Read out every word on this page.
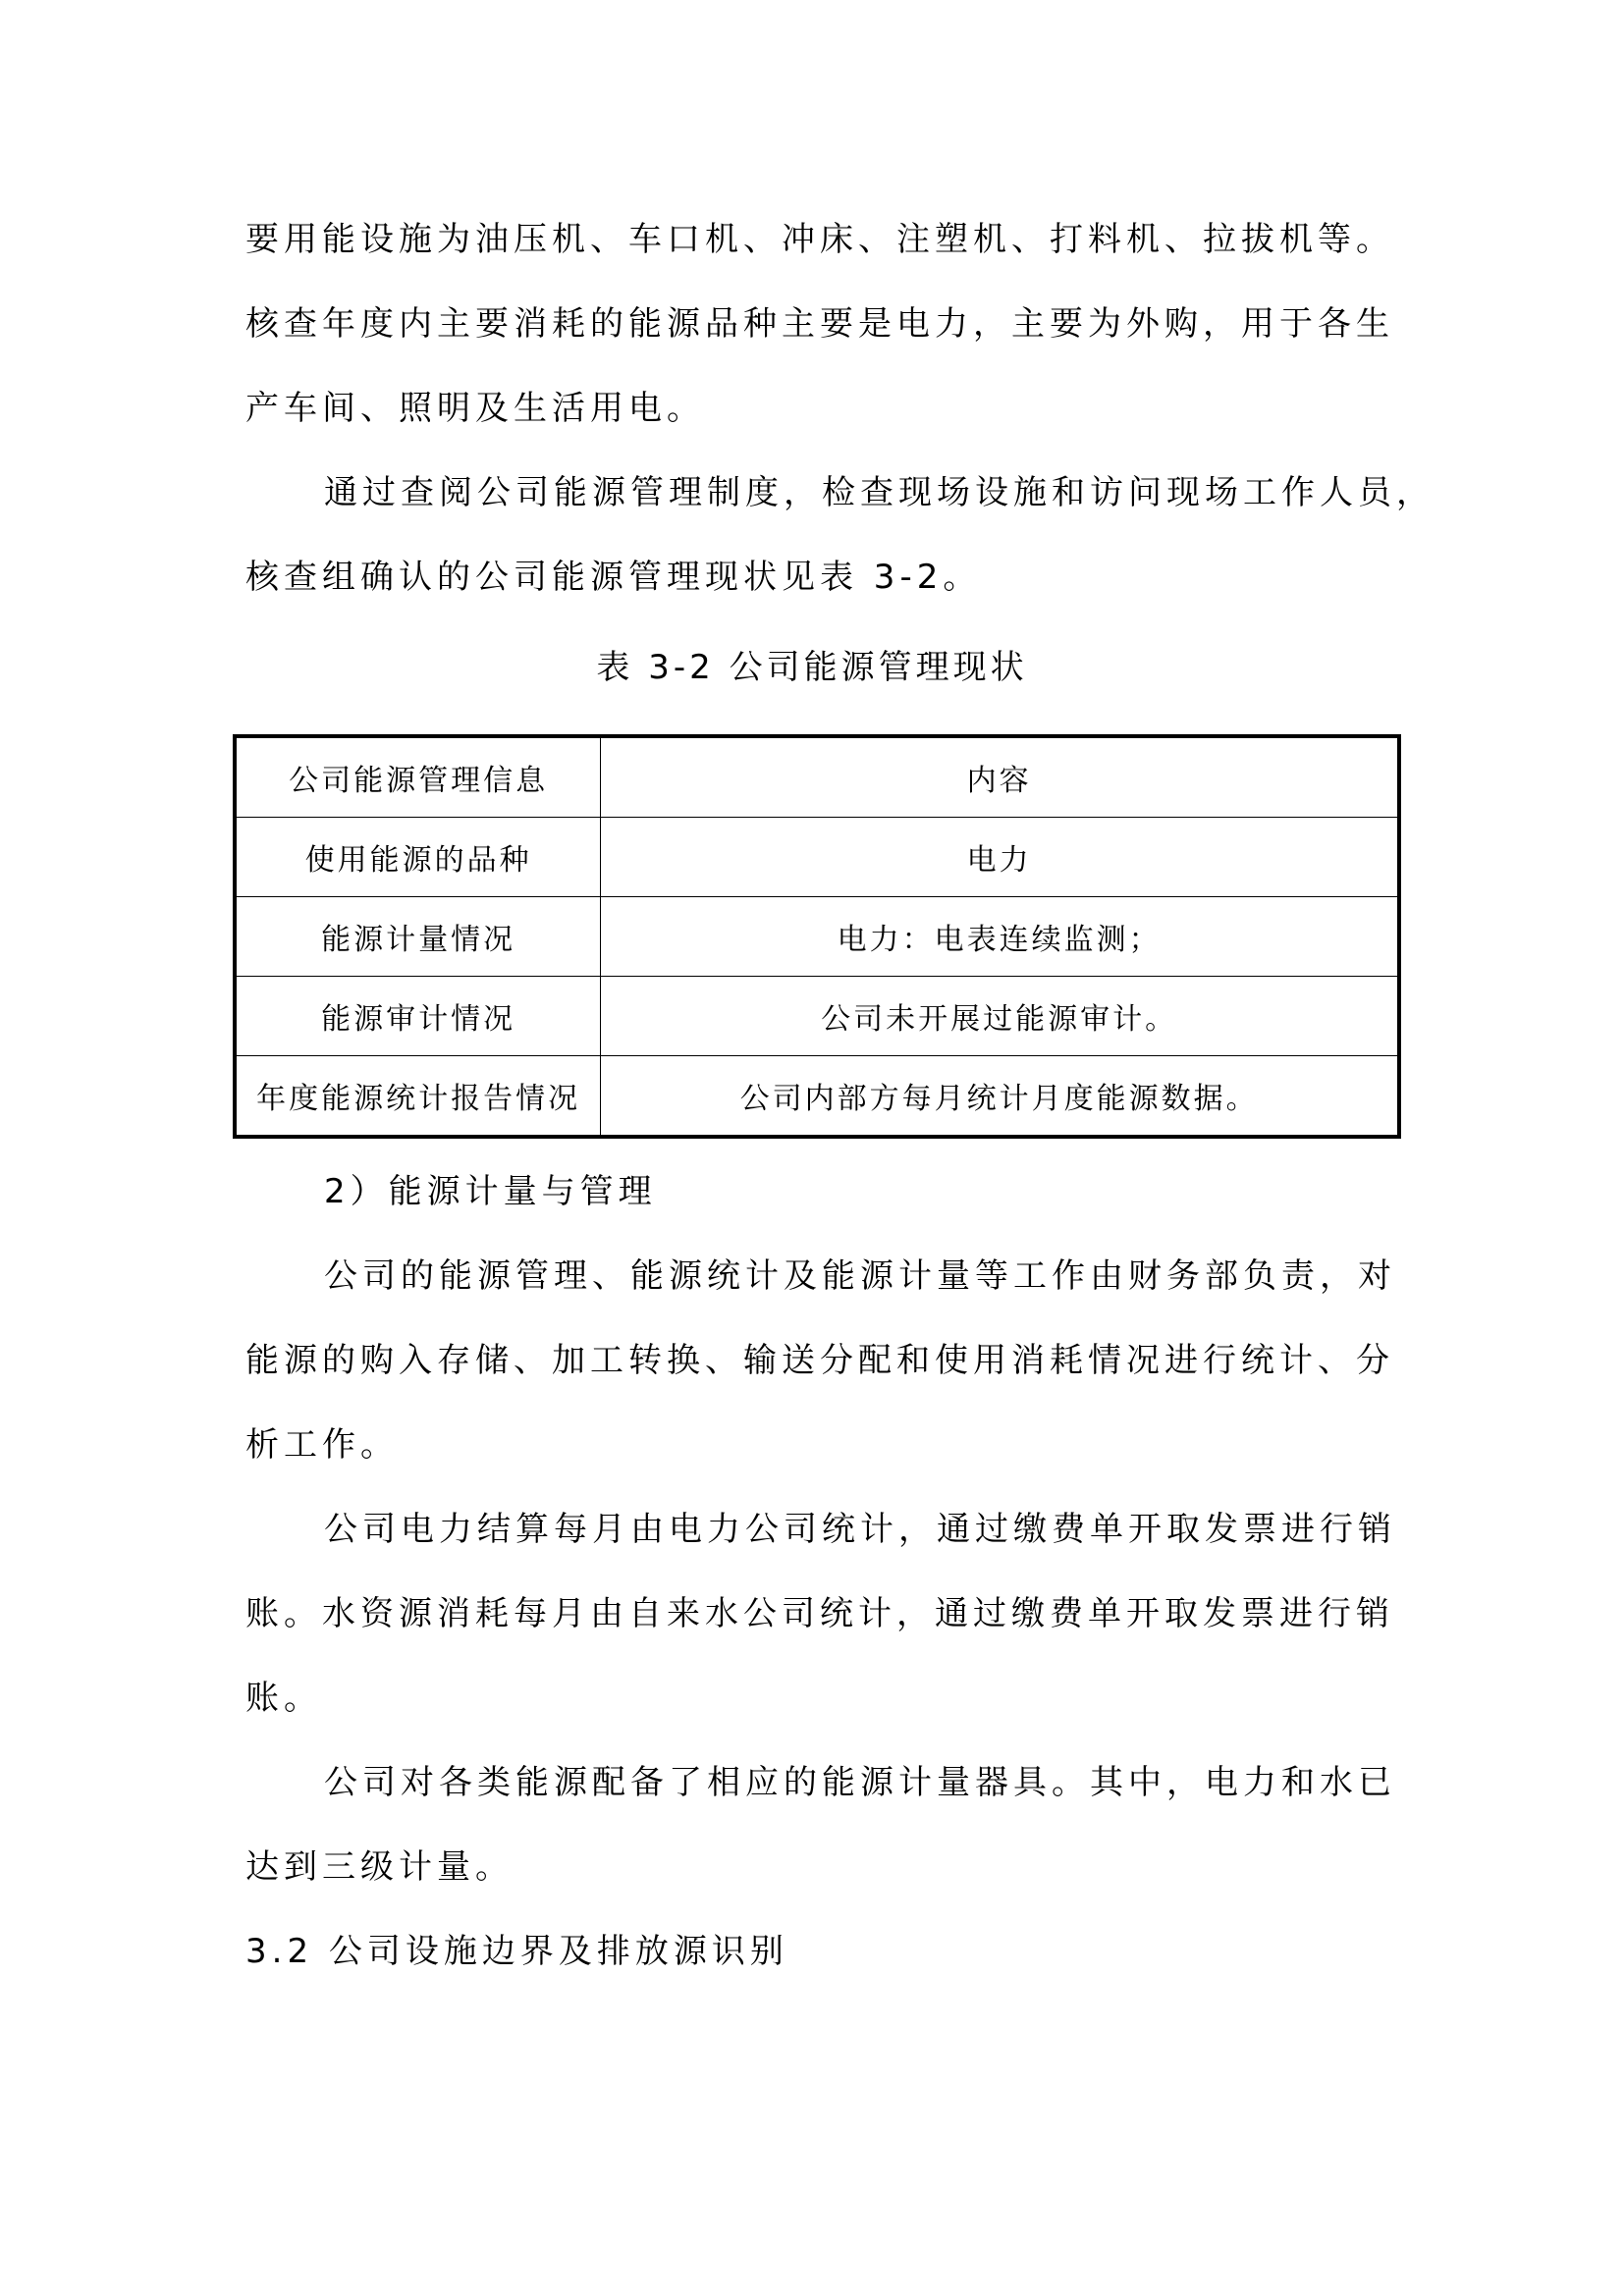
要用能设施为油压机、车口机、冲床、注塑机、打料机、拉拔机等。

核查年度内主要消耗的能源品种主要是电力，主要为外购，用于各生

产车间、照明及生活用电。

通过查阅公司能源管理制度，检查现场设施和访问现场工作人员，

核查组确认的公司能源管理现状见表 3-2。

表 3-2 公司能源管理现状

公司能源管理信息	内容
使用能源的品种	电力
能源计量情况	电力：电表连续监测；
能源审计情况	公司未开展过能源审计。
年度能源统计报告情况	公司内部方每月统计月度能源数据。

2）能源计量与管理

公司的能源管理、能源统计及能源计量等工作由财务部负责，对

能源的购入存储、加工转换、输送分配和使用消耗情况进行统计、分

析工作。

公司电力结算每月由电力公司统计，通过缴费单开取发票进行销

账。水资源消耗每月由自来水公司统计，通过缴费单开取发票进行销

账。

公司对各类能源配备了相应的能源计量器具。其中，电力和水已

达到三级计量。

3.2 公司设施边界及排放源识别
